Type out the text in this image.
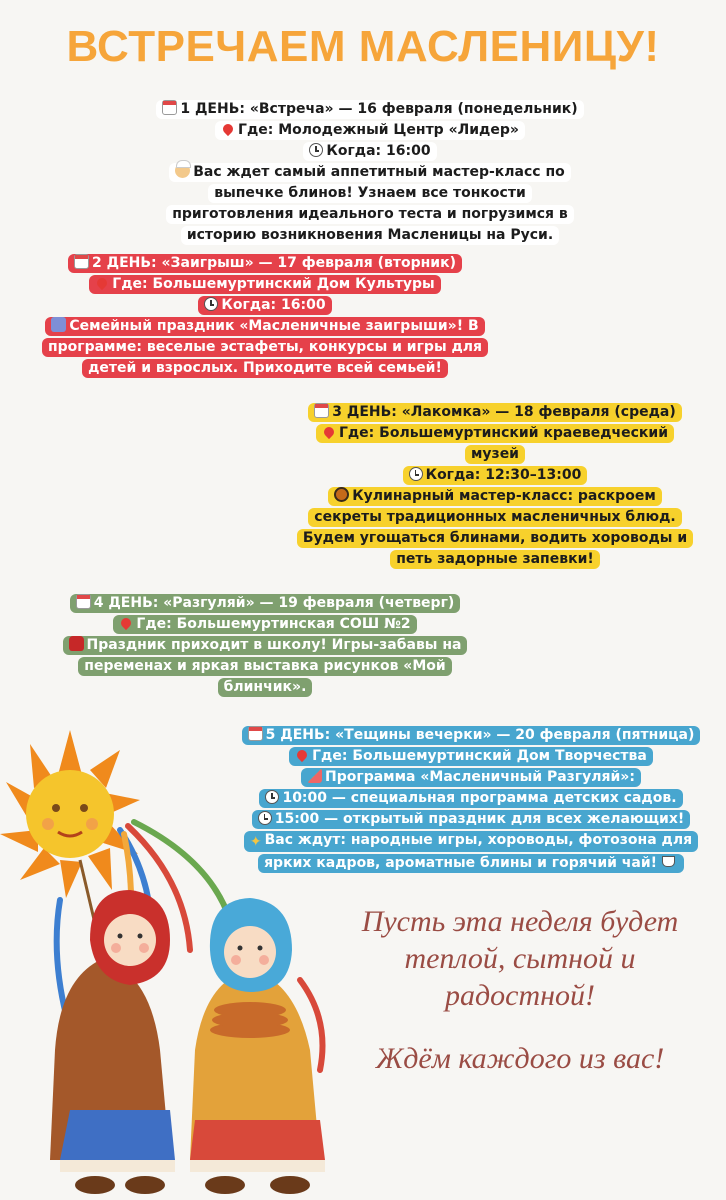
ВСТРЕЧАЕМ МАСЛЕНИЦУ!
1 ДЕНЬ: «Встреча» — 16 февраля (понедельник)
Где: Молодежный Центр «Лидер»
Когда: 16:00
Вас ждет самый аппетитный мастер-класс по
выпечке блинов! Узнаем все тонкости
приготовления идеального теста и погрузимся в
историю возникновения Масленицы на Руси.
2 ДЕНЬ: «Заигрыш» — 17 февраля (вторник)
Где: Большемуртинский Дом Культуры
Когда: 16:00
Семейный праздник «Масленичные заигрыши»! В
программе: веселые эстафеты, конкурсы и игры для
детей и взрослых. Приходите всей семьей!
3 ДЕНЬ: «Лакомка» — 18 февраля (среда)
Где: Большемуртинский краеведческий
музей
Когда: 12:30–13:00
Кулинарный мастер-класс: раскроем
секреты традиционных масленичных блюд.
Будем угощаться блинами, водить хороводы и
петь задорные запевки!
4 ДЕНЬ: «Разгуляй» — 19 февраля (четверг)
Где: Большемуртинская СОШ №2
Праздник приходит в школу! Игры-забавы на
переменах и яркая выставка рисунков «Мой
блинчик».
5 ДЕНЬ: «Тещины вечерки» — 20 февраля (пятница)
Где: Большемуртинский Дом Творчества
Программа «Масленичный Разгуляй»:
10:00 — специальная программа детских садов.
15:00 — открытый праздник для всех желающих!
✦ Вас ждут: народные игры, хороводы, фотозона для
ярких кадров, ароматные блины и горячий чай!
Пусть эта неделя будет
теплой, сытной и
радостной!
Ждём каждого из вас!
